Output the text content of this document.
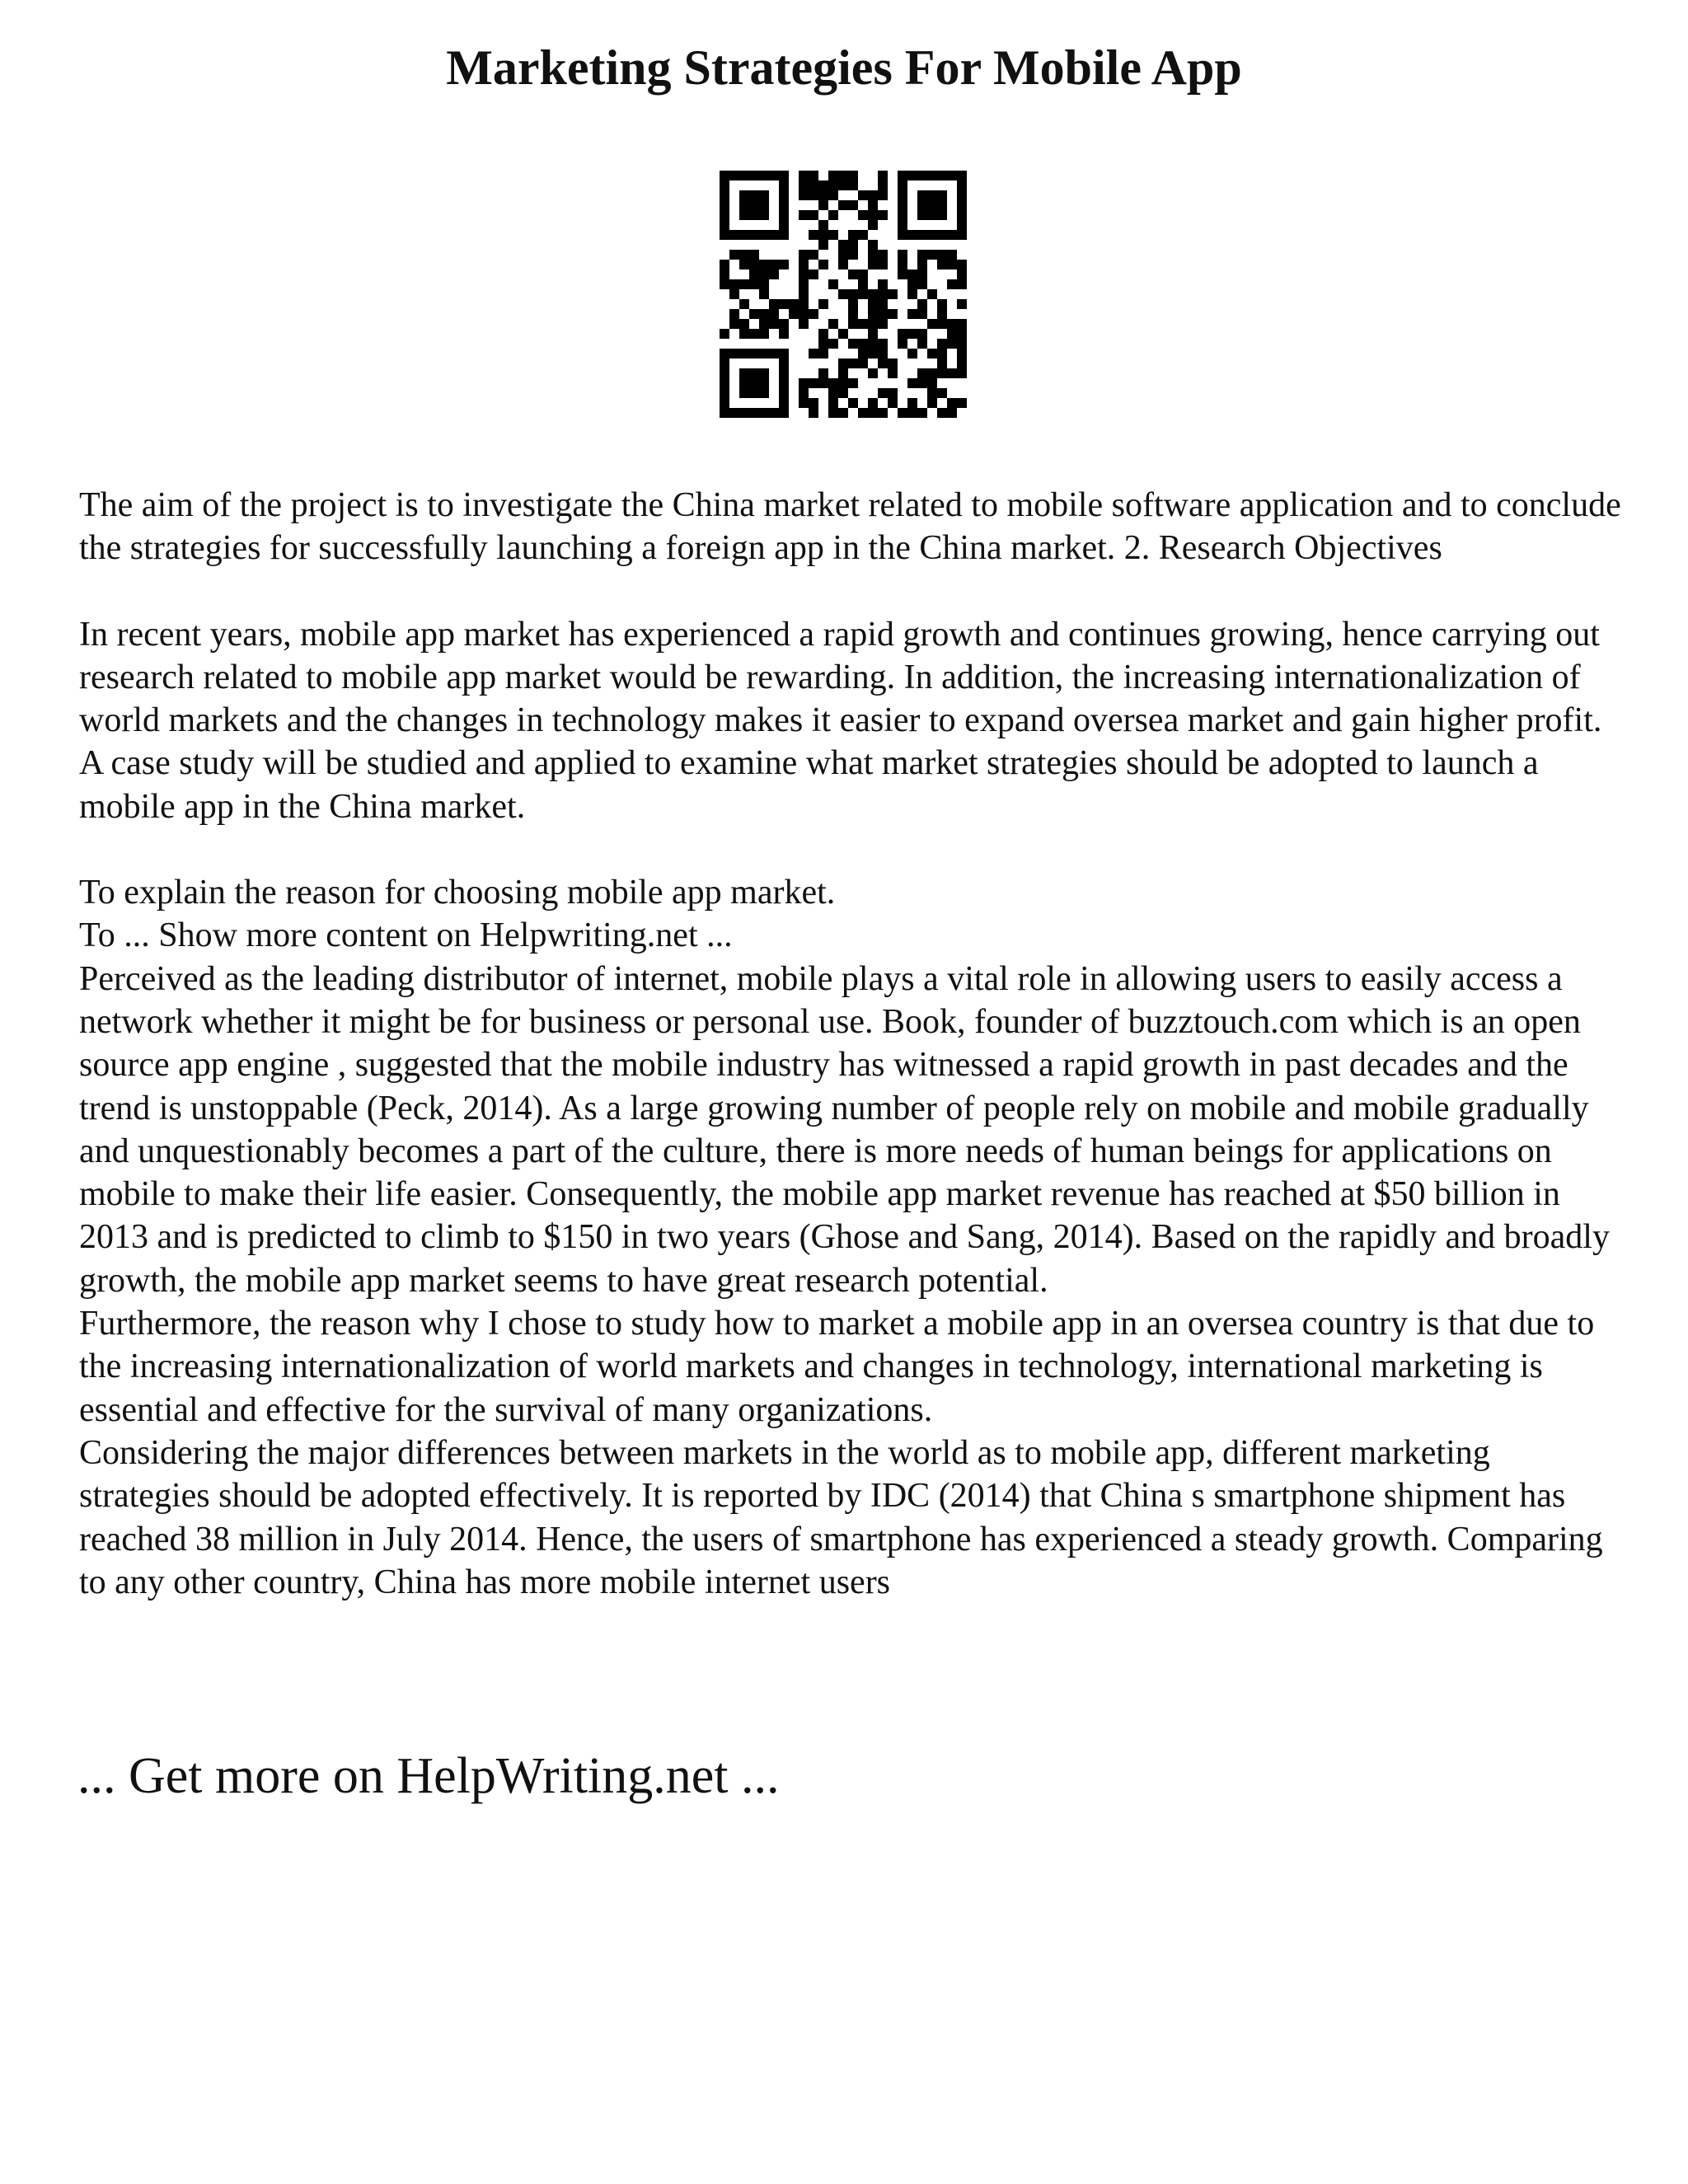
Marketing Strategies For Mobile App

The aim of the project is to investigate the China market related to mobile software application and to conclude the strategies for successfully launching a foreign app in the China market. 2. Research Objectives

In recent years, mobile app market has experienced a rapid growth and continues growing, hence carrying out research related to mobile app market would be rewarding. In addition, the increasing internationalization of world markets and the changes in technology makes it easier to expand oversea market and gain higher profit. A case study will be studied and applied to examine what market strategies should be adopted to launch a mobile app in the China market.

To explain the reason for choosing mobile app market.

To ... Show more content on Helpwriting.net ...

Perceived as the leading distributor of internet, mobile plays a vital role in allowing users to easily access a network whether it might be for business or personal use. Book, founder of buzztouch.com which is an open source app engine , suggested that the mobile industry has witnessed a rapid growth in past decades and the trend is unstoppable (Peck, 2014). As a large growing number of people rely on mobile and mobile gradually and unquestionably becomes a part of the culture, there is more needs of human beings for applications on mobile to make their life easier. Consequently, the mobile app market revenue has reached at $50 billion in 2013 and is predicted to climb to $150 in two years (Ghose and Sang, 2014). Based on the rapidly and broadly growth, the mobile app market seems to have great research potential.

Furthermore, the reason why I chose to study how to market a mobile app in an oversea country is that due to the increasing internationalization of world markets and changes in technology, international marketing is essential and effective for the survival of many organizations.

Considering the major differences between markets in the world as to mobile app, different marketing strategies should be adopted effectively. It is reported by IDC (2014) that China s smartphone shipment has reached 38 million in July 2014. Hence, the users of smartphone has experienced a steady growth. Comparing to any other country, China has more mobile internet users

... Get more on HelpWriting.net ...
